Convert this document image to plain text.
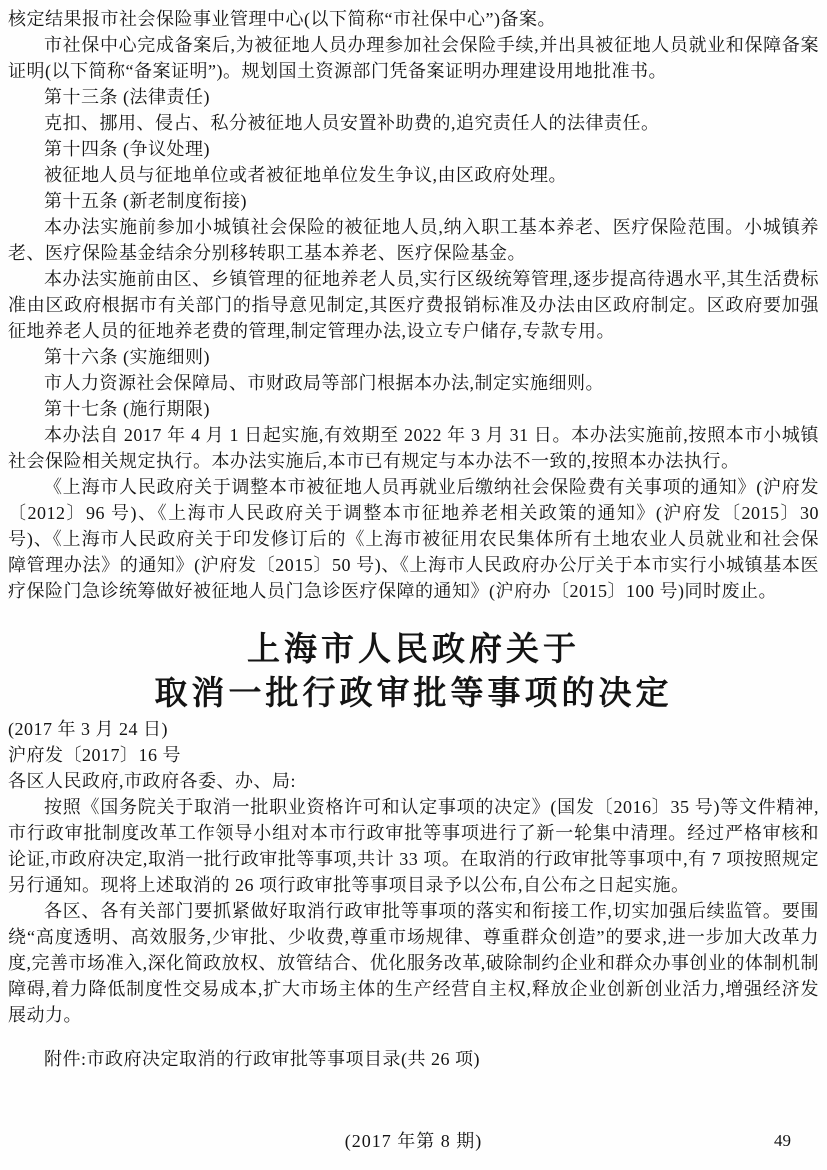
核定结果报市社会保险事业管理中心(以下简称“市社保中心”)备案。

市社保中心完成备案后,为被征地人员办理参加社会保险手续,并出具被征地人员就业和保障备案证明(以下简称“备案证明”)。规划国土资源部门凭备案证明办理建设用地批准书。

第十三条 (法律责任)

克扣、挪用、侵占、私分被征地人员安置补助费的,追究责任人的法律责任。

第十四条 (争议处理)

被征地人员与征地单位或者被征地单位发生争议,由区政府处理。

第十五条 (新老制度衔接)

本办法实施前参加小城镇社会保险的被征地人员,纳入职工基本养老、医疗保险范围。小城镇养老、医疗保险基金结余分别移转职工基本养老、医疗保险基金。

本办法实施前由区、乡镇管理的征地养老人员,实行区级统筹管理,逐步提高待遇水平,其生活费标准由区政府根据市有关部门的指导意见制定,其医疗费报销标准及办法由区政府制定。区政府要加强征地养老人员的征地养老费的管理,制定管理办法,设立专户储存,专款专用。

第十六条 (实施细则)

市人力资源社会保障局、市财政局等部门根据本办法,制定实施细则。

第十七条 (施行期限)

本办法自 2017 年 4 月 1 日起实施,有效期至 2022 年 3 月 31 日。本办法实施前,按照本市小城镇社会保险相关规定执行。本办法实施后,本市已有规定与本办法不一致的,按照本办法执行。

《上海市人民政府关于调整本市被征地人员再就业后缴纳社会保险费有关事项的通知》(沪府发〔2012〕96 号)、《上海市人民政府关于调整本市征地养老相关政策的通知》(沪府发〔2015〕30 号)、《上海市人民政府关于印发修订后的《上海市被征用农民集体所有土地农业人员就业和社会保障管理办法》的通知》(沪府发〔2015〕50 号)、《上海市人民政府办公厅关于本市实行小城镇基本医疗保险门急诊统筹做好被征地人员门急诊医疗保障的通知》(沪府办〔2015〕100 号)同时废止。

上海市人民政府关于
取消一批行政审批等事项的决定

(2017 年 3 月 24 日)

沪府发〔2017〕16 号

各区人民政府,市政府各委、办、局:

按照《国务院关于取消一批职业资格许可和认定事项的决定》(国发〔2016〕35 号)等文件精神,市行政审批制度改革工作领导小组对本市行政审批等事项进行了新一轮集中清理。经过严格审核和论证,市政府决定,取消一批行政审批等事项,共计 33 项。在取消的行政审批等事项中,有 7 项按照规定另行通知。现将上述取消的 26 项行政审批等事项目录予以公布,自公布之日起实施。

各区、各有关部门要抓紧做好取消行政审批等事项的落实和衔接工作,切实加强后续监管。要围绕“高度透明、高效服务,少审批、少收费,尊重市场规律、尊重群众创造”的要求,进一步加大改革力度,完善市场准入,深化简政放权、放管结合、优化服务改革,破除制约企业和群众办事创业的体制机制障碍,着力降低制度性交易成本,扩大市场主体的生产经营自主权,释放企业创新创业活力,增强经济发展动力。

附件:市政府决定取消的行政审批等事项目录(共 26 项)

(2017 年第 8 期)	49
